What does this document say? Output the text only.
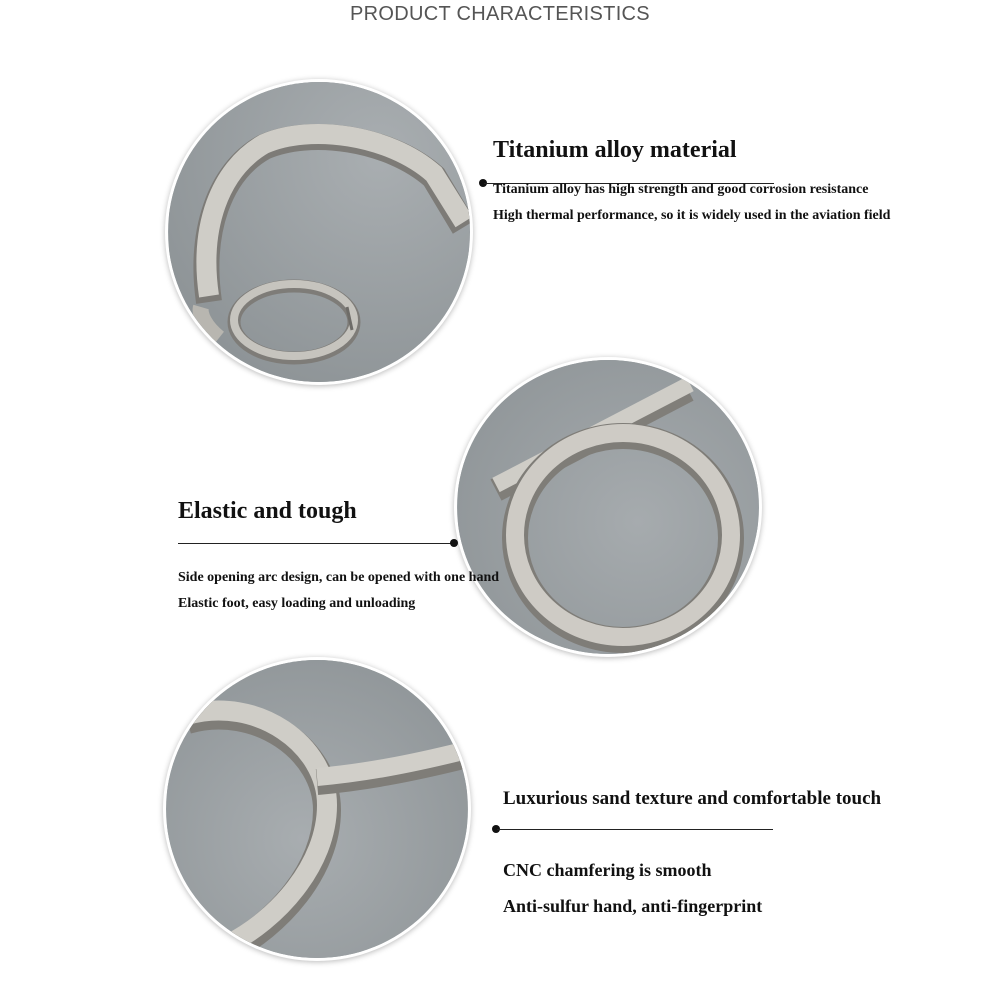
PRODUCT CHARACTERISTICS
Titanium alloy material
Titanium alloy has high strength and good corrosion resistance
High thermal performance, so it is widely used in the aviation field
Elastic and tough
Side opening arc design, can be opened with one hand
Elastic foot, easy loading and unloading
Luxurious sand texture and comfortable touch
CNC chamfering is smooth
Anti-sulfur hand, anti-fingerprint
